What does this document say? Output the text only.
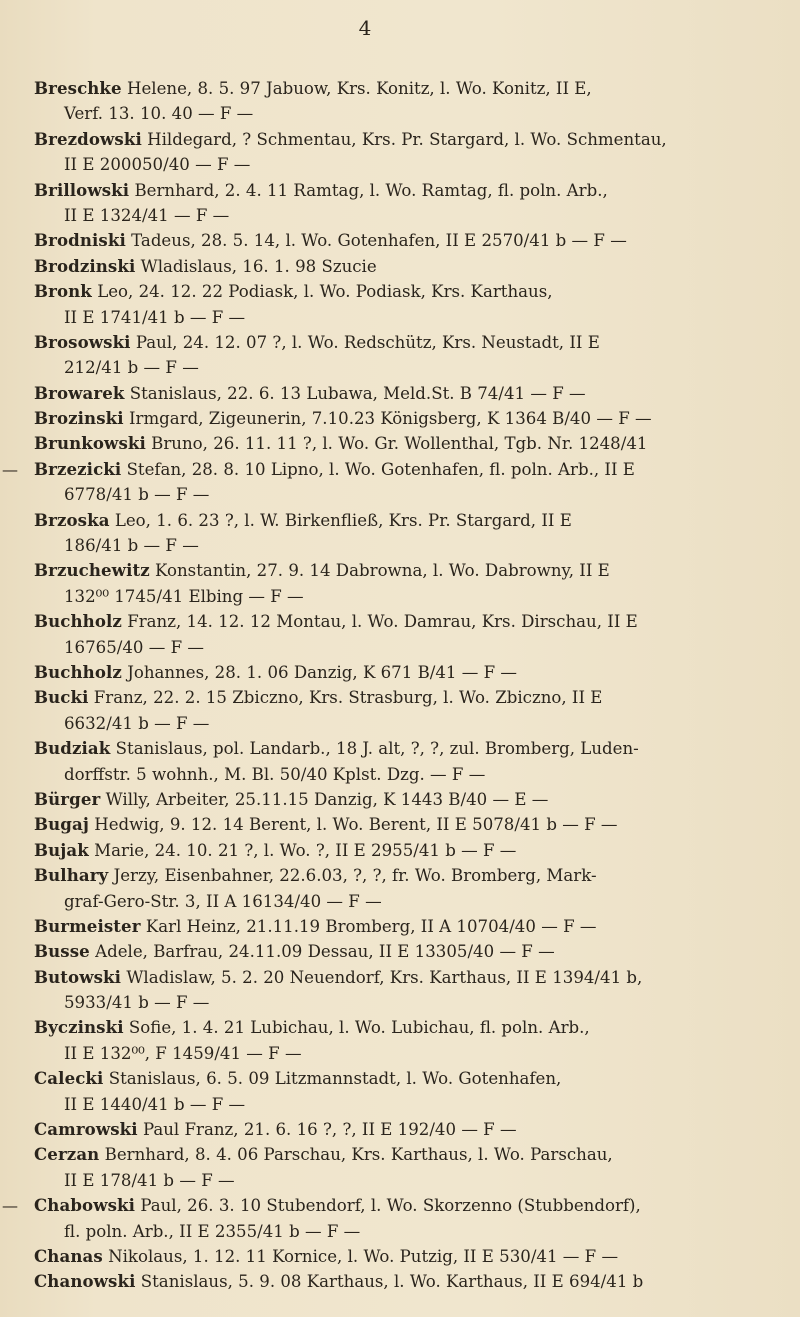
4
Breschke Helene, 8. 5. 97 Jabuow, Krs. Konitz, l. Wo. Konitz, II E,
Verf. 13. 10. 40 — F —
Brezdowski Hildegard, ? Schmentau, Krs. Pr. Stargard, l. Wo. Schmentau,
II E 200050/40 — F —
Brillowski Bernhard, 2. 4. 11 Ramtag, l. Wo. Ramtag, fl. poln. Arb.,
II E 1324/41 — F —
Brodniski Tadeus, 28. 5. 14, l. Wo. Gotenhafen, II E 2570/41 b — F —
Brodzinski Wladislaus, 16. 1. 98 Szucie
Bronk Leo, 24. 12. 22 Podiask, l. Wo. Podiask, Krs. Karthaus,
II E 1741/41 b — F —
Brosowski Paul, 24. 12. 07 ?, l. Wo. Redschütz, Krs. Neustadt, II E
212/41 b — F —
Browarek Stanislaus, 22. 6. 13 Lubawa, Meld.St. B 74/41 — F —
Brozinski Irmgard, Zigeunerin, 7.10.23 Königsberg, K 1364 B/40 — F —
Brunkowski Bruno, 26. 11. 11 ?, l. Wo. Gr. Wollenthal, Tgb. Nr. 1248/41
— Brzezicki Stefan, 28. 8. 10 Lipno, l. Wo. Gotenhafen, fl. poln. Arb., II E
6778/41 b — F —
Brzoska Leo, 1. 6. 23 ?, l. W. Birkenfließ, Krs. Pr. Stargard, II E
186/41 b — F —
Brzuchewitz Konstantin, 27. 9. 14 Dabrowna, l. Wo. Dabrowny, II E
132⁰⁰ 1745/41 Elbing — F —
Buchholz Franz, 14. 12. 12 Montau, l. Wo. Damrau, Krs. Dirschau, II E
16765/40 — F —
Buchholz Johannes, 28. 1. 06 Danzig, K 671 B/41 — F —
Bucki Franz, 22. 2. 15 Zbiczno, Krs. Strasburg, l. Wo. Zbiczno, II E
6632/41 b — F —
Budziak Stanislaus, pol. Landarb., 18 J. alt, ?, ?, zul. Bromberg, Luden-
dorffstr. 5 wohnh., M. Bl. 50/40 Kplst. Dzg. — F —
Bürger Willy, Arbeiter, 25.11.15 Danzig, K 1443 B/40 — E —
Bugaj Hedwig, 9. 12. 14 Berent, l. Wo. Berent, II E 5078/41 b — F —
Bujak Marie, 24. 10. 21 ?, l. Wo. ?, II E 2955/41 b — F —
Bulhary Jerzy, Eisenbahner, 22.6.03, ?, ?, fr. Wo. Bromberg, Mark-
graf-Gero-Str. 3, II A 16134/40 — F —
Burmeister Karl Heinz, 21.11.19 Bromberg, II A 10704/40 — F —
Busse Adele, Barfrau, 24.11.09 Dessau, II E 13305/40 — F —
Butowski Wladislaw, 5. 2. 20 Neuendorf, Krs. Karthaus, II E 1394/41 b,
5933/41 b — F —
Byczinski Sofie, 1. 4. 21 Lubichau, l. Wo. Lubichau, fl. poln. Arb.,
II E 132⁰⁰, F 1459/41 — F —
Calecki Stanislaus, 6. 5. 09 Litzmannstadt, l. Wo. Gotenhafen,
II E 1440/41 b — F —
Camrowski Paul Franz, 21. 6. 16 ?, ?, II E 192/40 — F —
Cerzan Bernhard, 8. 4. 06 Parschau, Krs. Karthaus, l. Wo. Parschau,
II E 178/41 b — F —
— Chabowski Paul, 26. 3. 10 Stubendorf, l. Wo. Skorzenno (Stubbendorf),
fl. poln. Arb., II E 2355/41 b — F —
Chanas Nikolaus, 1. 12. 11 Kornice, l. Wo. Putzig, II E 530/41 — F —
Chanowski Stanislaus, 5. 9. 08 Karthaus, l. Wo. Karthaus, II E 694/41 b
